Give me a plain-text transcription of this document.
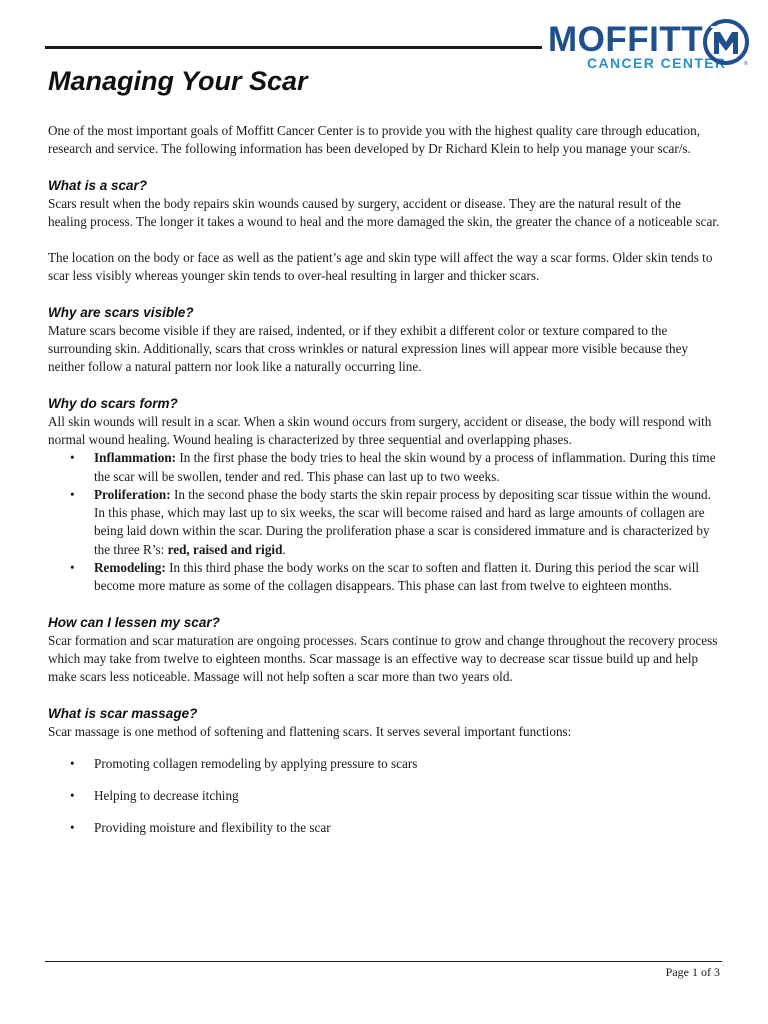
MOFFITT
CANCER CENTER	®
Managing Your Scar

One of the most important goals of Moffitt Cancer Center is to provide you with the highest quality care through education, research and service. The following information has been developed by Dr Richard Klein to help you manage your scar/s.

What is a scar?

Scars result when the body repairs skin wounds caused by surgery, accident or disease. They are the natural result of the healing process. The longer it takes a wound to heal and the more damaged the skin, the greater the chance of a noticeable scar.

The location on the body or face as well as the patient’s age and skin type will affect the way a scar forms. Older skin tends to scar less visibly whereas younger skin tends to over-heal resulting in larger and thicker scars.

Why are scars visible?

Mature scars become visible if they are raised, indented, or if they exhibit a different color or texture compared to the surrounding skin. Additionally, scars that cross wrinkles or natural expression lines will appear more visible because they neither follow a natural pattern nor look like a naturally occurring line.

Why do scars form?

All skin wounds will result in a scar. When a skin wound occurs from surgery, accident or disease, the body will respond with normal wound healing. Wound healing is characterized by three sequential and overlapping phases.

• Inflammation: In the first phase the body tries to heal the skin wound by a process of inflammation. During this time the scar will be swollen, tender and red. This phase can last up to two weeks.
• Proliferation: In the second phase the body starts the skin repair process by depositing scar tissue within the wound. In this phase, which may last up to six weeks, the scar will become raised and hard as large amounts of collagen are being laid down within the scar. During the proliferation phase a scar is considered immature and is characterized by the three R’s: red, raised and rigid.
• Remodeling: In this third phase the body works on the scar to soften and flatten it. During this period the scar will become more mature as some of the collagen disappears. This phase can last from twelve to eighteen months.
How can I lessen my scar?

Scar formation and scar maturation are ongoing processes. Scars continue to grow and change throughout the recovery process which may take from twelve to eighteen months. Scar massage is an effective way to decrease scar tissue build up and help make scars less noticeable. Massage will not help soften a scar more than two years old.

What is scar massage?

Scar massage is one method of softening and flattening scars. It serves several important functions:

• Promoting collagen remodeling by applying pressure to scars
• Helping to decrease itching
• Providing moisture and flexibility to the scar
Page 1 of 3
